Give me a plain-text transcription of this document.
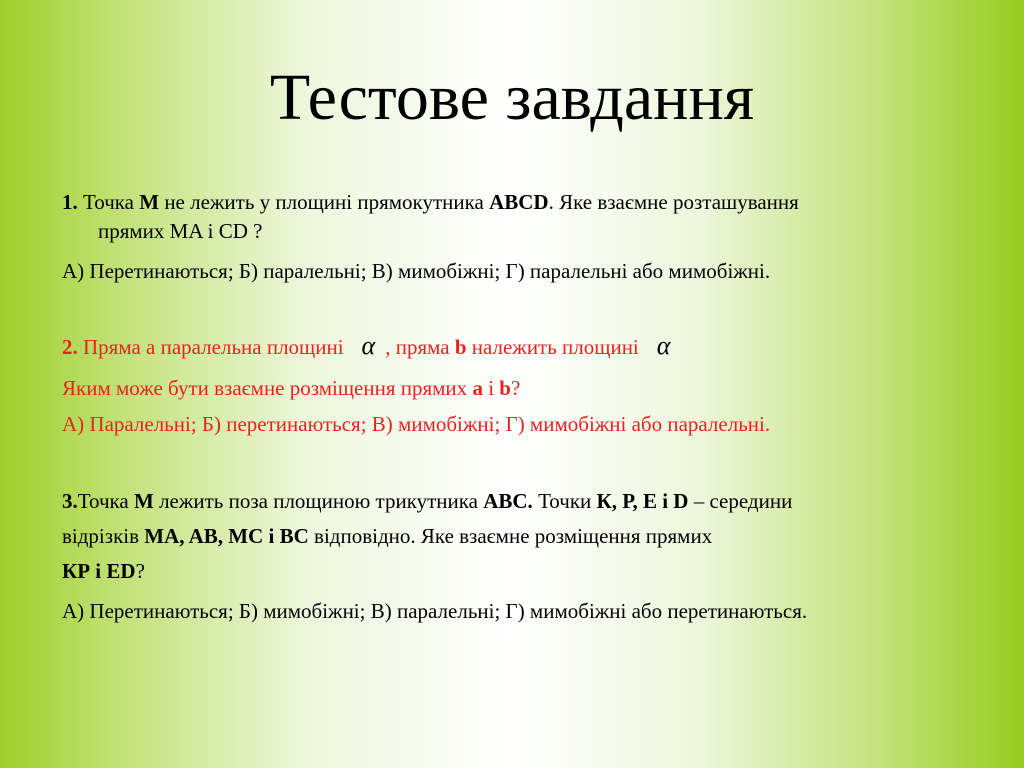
Тестове завдання
1. Точка M не лежить у площині прямокутника ABCD. Яке взаємне розташування
прямих MA і CD ?
А) Перетинаються; Б) паралельні; В) мимобіжні; Г) паралельні або мимобіжні.
2. Пряма а паралельна площині α , пряма b належить площині α
Яким може бути взаємне розміщення прямих а і b?
А) Паралельні; Б) перетинаються; В) мимобіжні; Г) мимобіжні або паралельні.
3.Точка M лежить поза площиною трикутника ABC. Точки К, Р, Е і D – середини
відрізків MA, AB, MC і BC відповідно. Яке взаємне розміщення прямих
КР і ED?
А) Перетинаються; Б) мимобіжні; В) паралельні; Г) мимобіжні або перетинаються.
